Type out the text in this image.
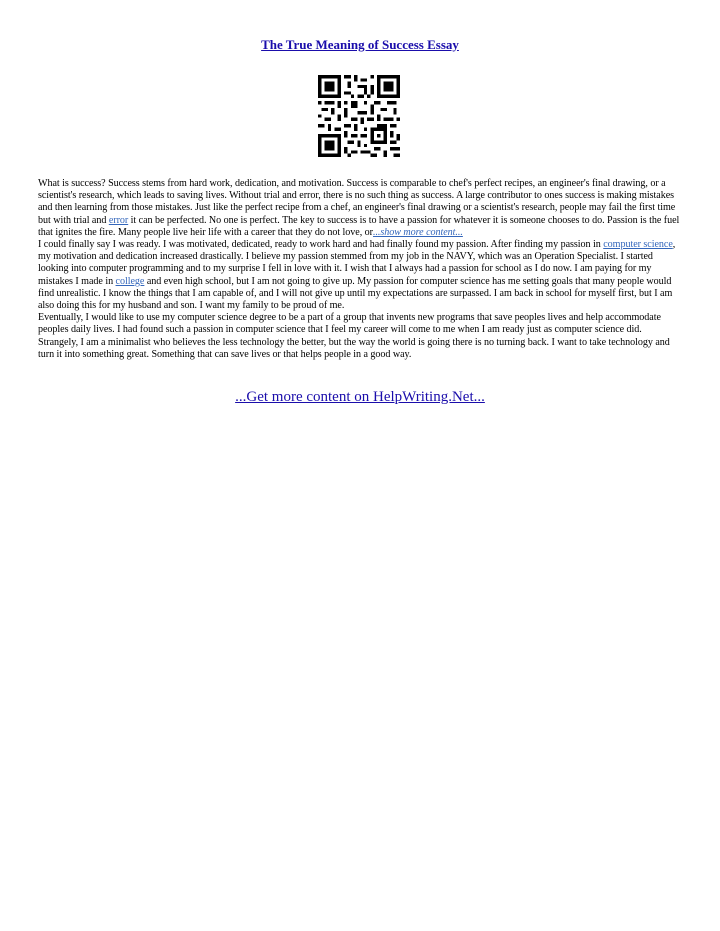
The True Meaning of Success Essay

What is success? Success stems from hard work, dedication, and motivation. Success is comparable to chef's perfect recipes, an engineer's final drawing, or a scientist's research, which leads to saving lives. Without trial and error, there is no such thing as success. A large contributor to ones success is making mistakes and then learning from those mistakes. Just like the perfect recipe from a chef, an engineer's final drawing or a scientist's research, people may fail the first time but with trial and error it can be perfected. No one is perfect. The key to success is to have a passion for whatever it is someone chooses to do. Passion is the fuel that ignites the fire. Many people live heir life with a career that they do not love, or...show more content...

I could finally say I was ready. I was motivated, dedicated, ready to work hard and had finally found my passion. After finding my passion in computer science, my motivation and dedication increased drastically. I believe my passion stemmed from my job in the NAVY, which was an Operation Specialist. I started looking into computer programming and to my surprise I fell in love with it. I wish that I always had a passion for school as I do now. I am paying for my mistakes I made in college and even high school, but I am not going to give up. My passion for computer science has me setting goals that many people would find unrealistic. I know the things that I am capable of, and I will not give up until my expectations are surpassed. I am back in school for myself first, but I am also doing this for my husband and son. I want my family to be proud of me.

Eventually, I would like to use my computer science degree to be a part of a group that invents new programs that save peoples lives and help accommodate peoples daily lives. I had found such a passion in computer science that I feel my career will come to me when I am ready just as computer science did. Strangely, I am a minimalist who believes the less technology the better, but the way the world is going there is no turning back. I want to take technology and turn it into something great. Something that can save lives or that helps people in a good way.

...Get more content on HelpWriting.Net...
